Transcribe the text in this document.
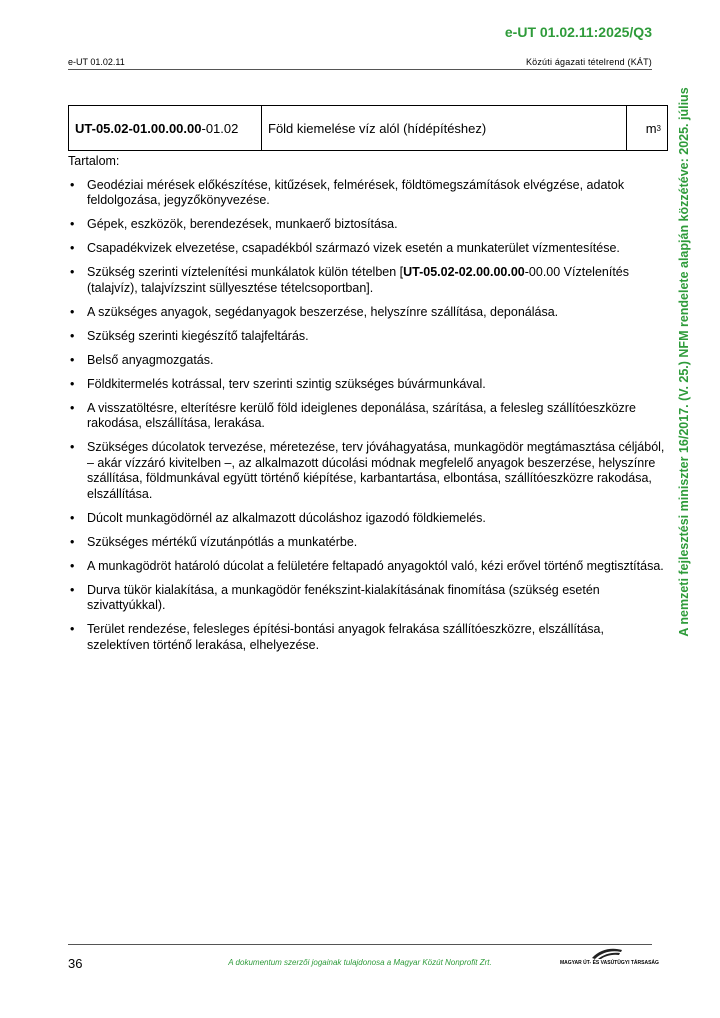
e-UT 01.02.11:2025/Q3
e-UT 01.02.11	Közúti ágazati tételrend (KÁT)
A nemzeti fejlesztési miniszter 16/2017. (V. 25.) NFM rendelete alapján közzétéve: 2025. július
UT-05.02-01.00.00.00 -01.02 Föld kiemelése víz alól (hídépítéshez)	m 3
Tartalom:
• Geodéziai mérések előkészítése, kitűzések, felmérések, földtömegszámítások elvégzése, adatok feldolgozása, jegyzőkönyvezése.
• Gépek, eszközök, berendezések, munkaerő biztosítása.
• Csapadékvizek elvezetése, csapadékból származó vizek esetén a munkaterület vízmentesítése.
• Szükség szerinti víztelenítési munkálatok külön tételben [UT-05.02-02.00.00.00-00.00 Víztelenítés (talajvíz), talajvízszint süllyesztése tételcsoportban].
• A szükséges anyagok, segédanyagok beszerzése, helyszínre szállítása, deponálása.
• Szükség szerinti kiegészítő talajfeltárás.
• Belső anyagmozgatás.
• Földkitermelés kotrással, terv szerinti szintig szükséges búvármunkával.
• A visszatöltésre, elterítésre kerülő föld ideiglenes deponálása, szárítása, a felesleg szállítóeszközre rakodása, elszállítása, lerakása.
• Szükséges dúcolatok tervezése, méretezése, terv jóváhagyatása, munkagödör megtámasztása céljából, – akár vízzáró kivitelben –, az alkalmazott dúcolási módnak megfelelő anyagok beszerzése, helyszínre szállítása, földmunkával együtt történő kiépítése, karbantartása, elbontása, szállítóeszközre rakodása, elszállítása.
• Dúcolt munkagödörnél az alkalmazott dúcoláshoz igazodó földkiemelés.
• Szükséges mértékű vízutánpótlás a munkatérbe.
• A munkagödröt határoló dúcolat a felületére feltapadó anyagoktól való, kézi erővel történő megtisztítása.
• Durva tükör kialakítása, a munkagödör fenékszint-kialakításának finomítása (szükség esetén szivattyúkkal).
• Terület rendezése, felesleges építési-bontási anyagok felrakása szállítóeszközre, elszállítása, szelektíven történő lerakása, elhelyezése.
36	A dokumentum szerzői jogainak tulajdonosa a Magyar Közút Nonprofit Zrt.	MAGYAR ÚT- ÉS VASÚTÜGYI TÁRSASÁG
